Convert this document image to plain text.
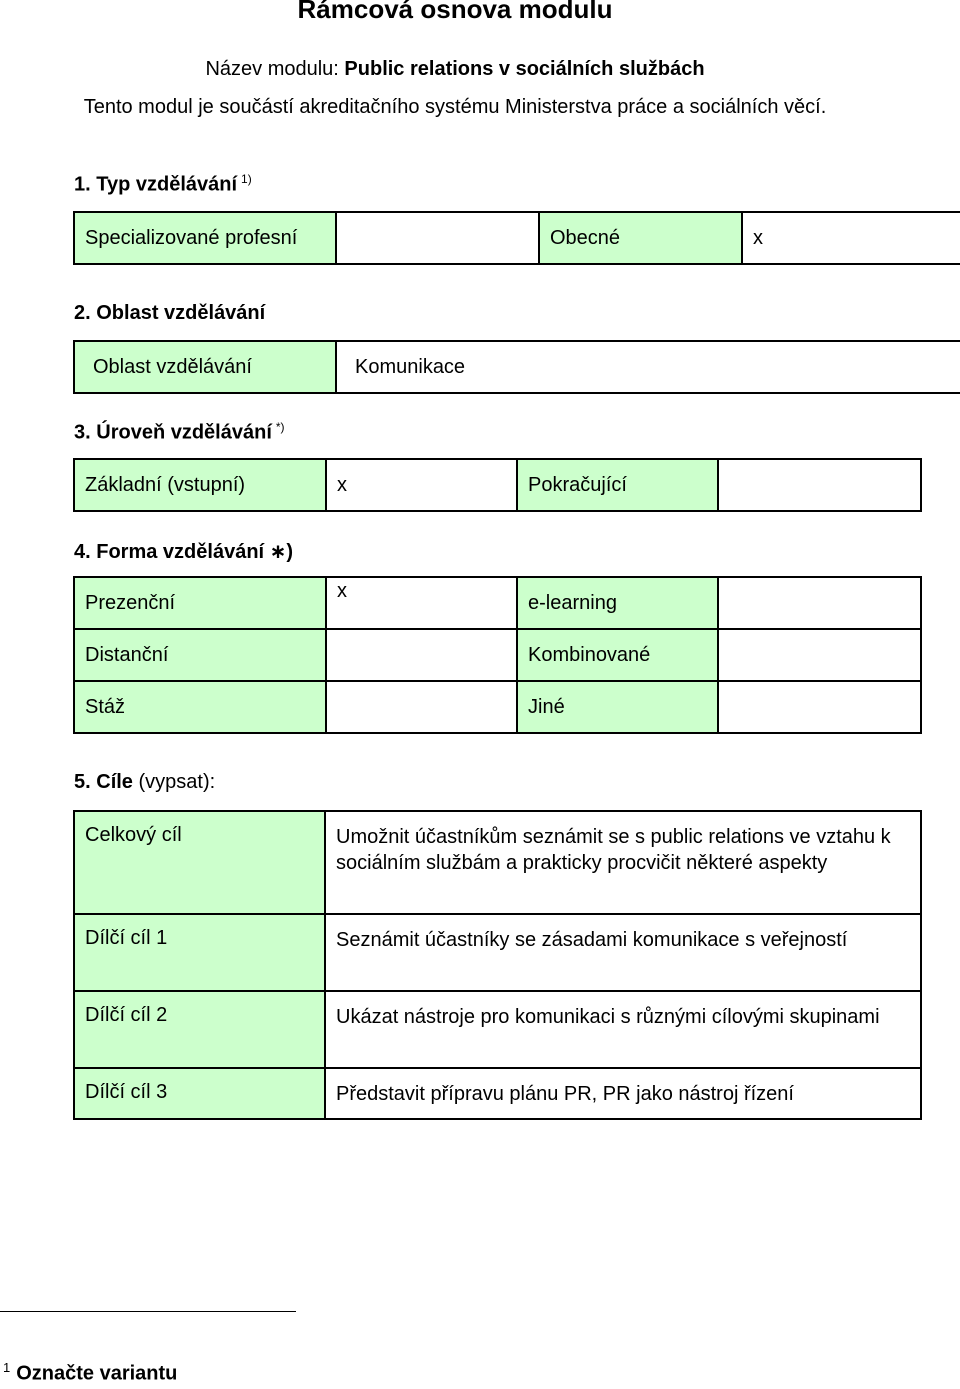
Rámcová osnova modulu
Název modulu: Public relations v sociálních službách
Tento modul je součástí akreditačního systému Ministerstva práce a sociálních věcí.
1. Typ vzdělávání $^{1)}$
Specializované profesní		Obecné	x
2. Oblast vzdělávání
Oblast vzdělávání	Komunikace
3. Úroveň vzdělávání *)
Základní (vstupní)	x	Pokračující	
4. Forma vzdělávání ∗)
Prezenční	x	e-learning	
Distanční		Kombinované	
Stáž		Jiné	
5. Cíle (vypsat):
Celkový cíl	Umožnit účastníkům seznámit se s public relations ve vztahu k sociálním službám a prakticky procvičit některé aspekty
Dílčí cíl 1	Seznámit účastníky se zásadami komunikace s veřejností
Dílčí cíl 2	Ukázat nástroje pro komunikaci s různými cílovými skupinami
Dílčí cíl 3	Představit přípravu plánu PR, PR jako nástroj řízení
$^1$ Označte variantu
